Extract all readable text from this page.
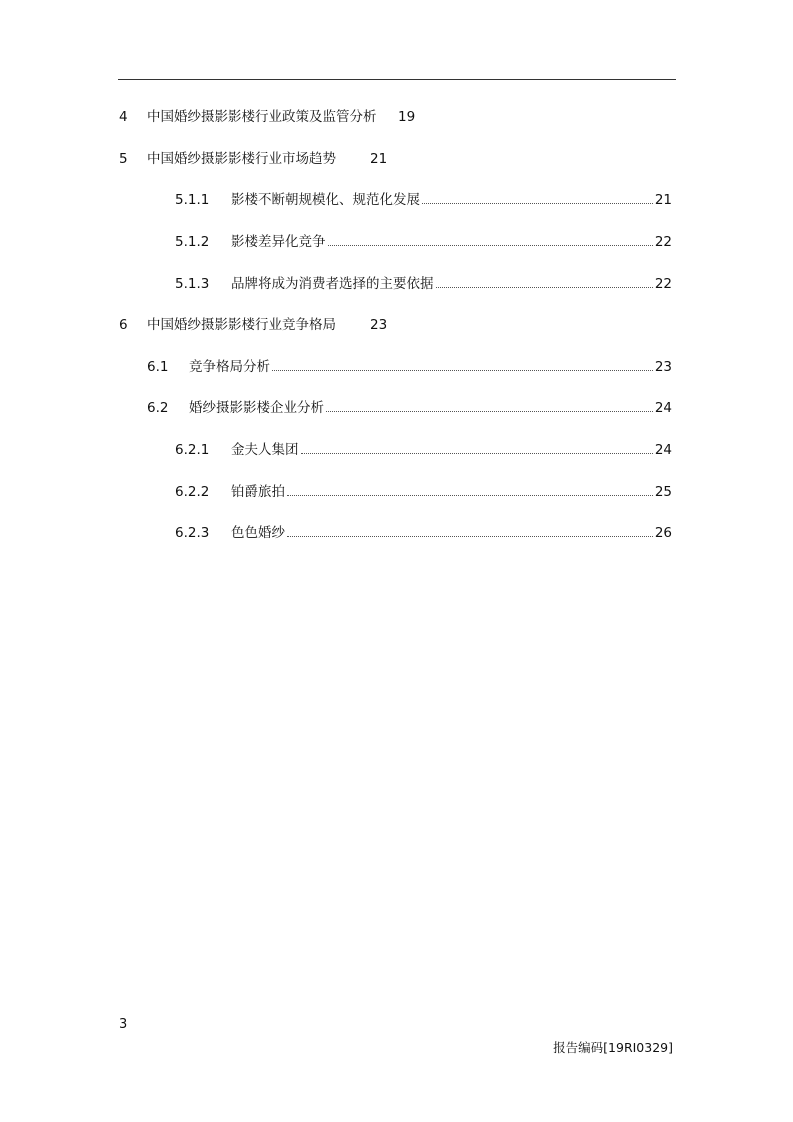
4 中国婚纱摄影影楼行业政策及监管分析 19
5 中国婚纱摄影影楼行业市场趋势	21
5.1.1 影楼不断朝规模化、规范化发展	21
5.1.2 影楼差异化竞争	22
5.1.3 品牌将成为消费者选择的主要依据	22
6 中国婚纱摄影影楼行业竞争格局	23
6.1 竞争格局分析	23
6.2 婚纱摄影影楼企业分析	24
6.2.1 金夫人集团	24
6.2.2 铂爵旅拍	25
6.2.3 色色婚纱	26
3
报告编码[19RI0329]
